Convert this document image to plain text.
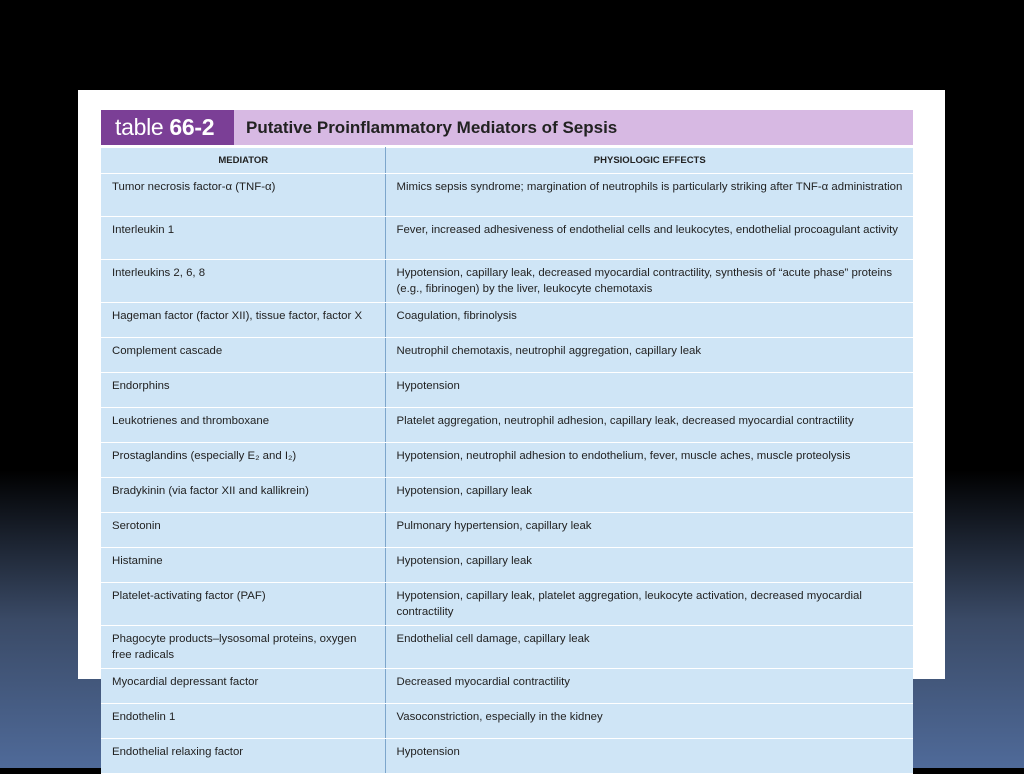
table 66-2	Putative Proinflammatory Mediators of Sepsis
MEDIATOR	PHYSIOLOGIC EFFECTS
Tumor necrosis factor-α (TNF-α)	Mimics sepsis syndrome; margination of neutrophils is particularly striking after TNF-α administration
Interleukin 1	Fever, increased adhesiveness of endothelial cells and leukocytes, endothelial procoagulant activity
Interleukins 2, 6, 8	Hypotension, capillary leak, decreased myocardial contractility, synthesis of “acute phase” proteins (e.g., fibrinogen) by the liver, leukocyte chemotaxis
Hageman factor (factor XII), tissue factor, factor X	Coagulation, fibrinolysis
Complement cascade	Neutrophil chemotaxis, neutrophil aggregation, capillary leak
Endorphins	Hypotension
Leukotrienes and thromboxane	Platelet aggregation, neutrophil adhesion, capillary leak, decreased myocardial contractility
Prostaglandins (especially E₂ and I₂)	Hypotension, neutrophil adhesion to endothelium, fever, muscle aches, muscle proteolysis
Bradykinin (via factor XII and kallikrein)	Hypotension, capillary leak
Serotonin	Pulmonary hypertension, capillary leak
Histamine	Hypotension, capillary leak
Platelet-activating factor (PAF)	Hypotension, capillary leak, platelet aggregation, leukocyte activation, decreased myocardial contractility
Phagocyte products–lysosomal proteins, oxygen free radicals	Endothelial cell damage, capillary leak
Myocardial depressant factor	Decreased myocardial contractility
Endothelin 1	Vasoconstriction, especially in the kidney
Endothelial relaxing factor	Hypotension
